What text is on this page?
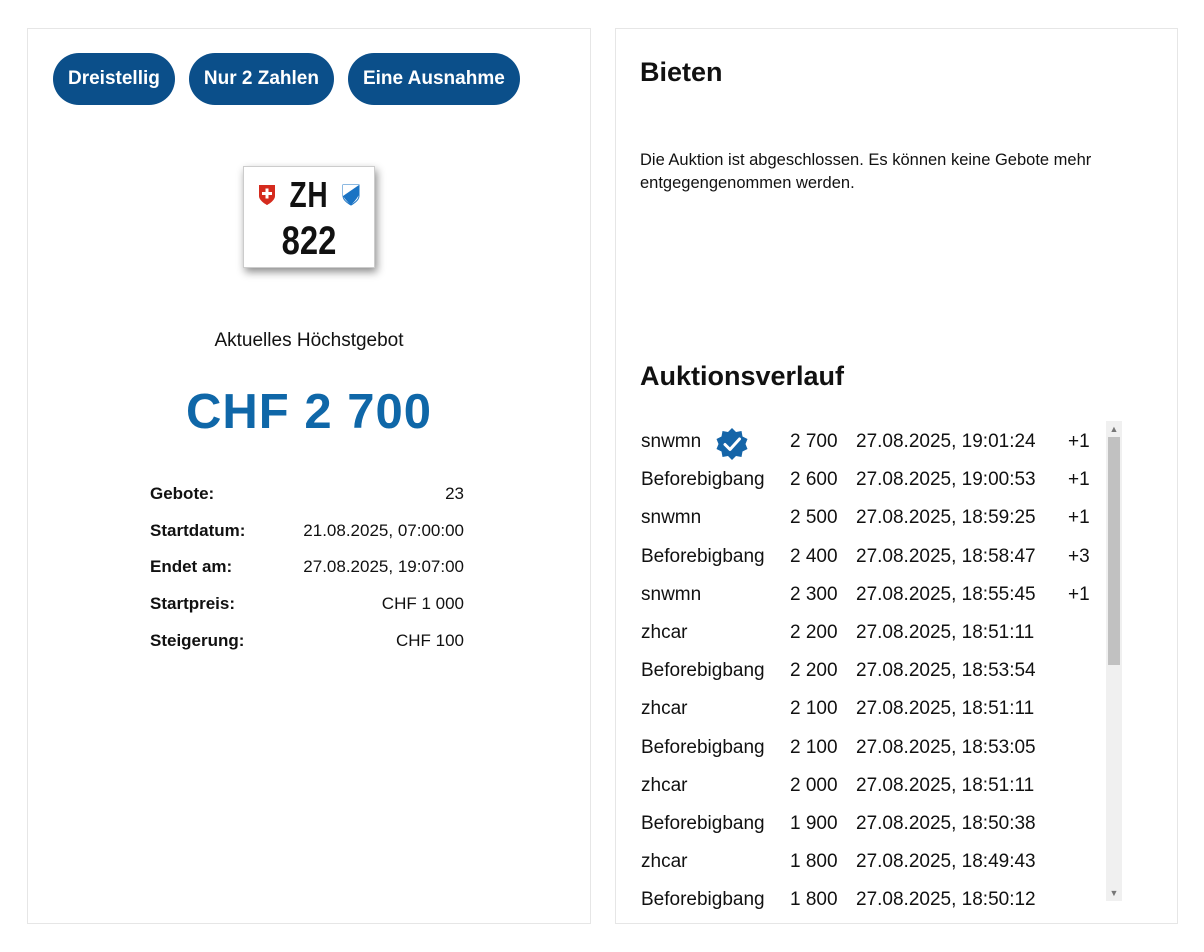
Dreistellig	Nur 2 Zahlen	Eine Ausnahme
ZH
822
Aktuelles Höchstgebot
CHF 2 700
Gebote:	23
Startdatum:	21.08.2025, 07:00:00
Endet am:	27.08.2025, 19:07:00
Startpreis:	CHF 1 000
Steigerung:	CHF 100
Bieten
Die Auktion ist abgeschlossen. Es können keine Gebote mehr entgegengenommen werden.
Auktionsverlauf
snwmn	2 700 27.08.2025, 19:01:24 +1
Beforebigbang 2 600 27.08.2025, 19:00:53 +1
snwmn	2 500 27.08.2025, 18:59:25 +1
Beforebigbang 2 400 27.08.2025, 18:58:47 +3
snwmn	2 300 27.08.2025, 18:55:45 +1
zhcar	2 200 27.08.2025, 18:51:11
Beforebigbang 2 200 27.08.2025, 18:53:54
zhcar	2 100 27.08.2025, 18:51:11
Beforebigbang 2 100 27.08.2025, 18:53:05
zhcar	2 000 27.08.2025, 18:51:11
Beforebigbang 1 900 27.08.2025, 18:50:38
zhcar	1 800 27.08.2025, 18:49:43
Beforebigbang 1 800 27.08.2025, 18:50:12
▲
▼
